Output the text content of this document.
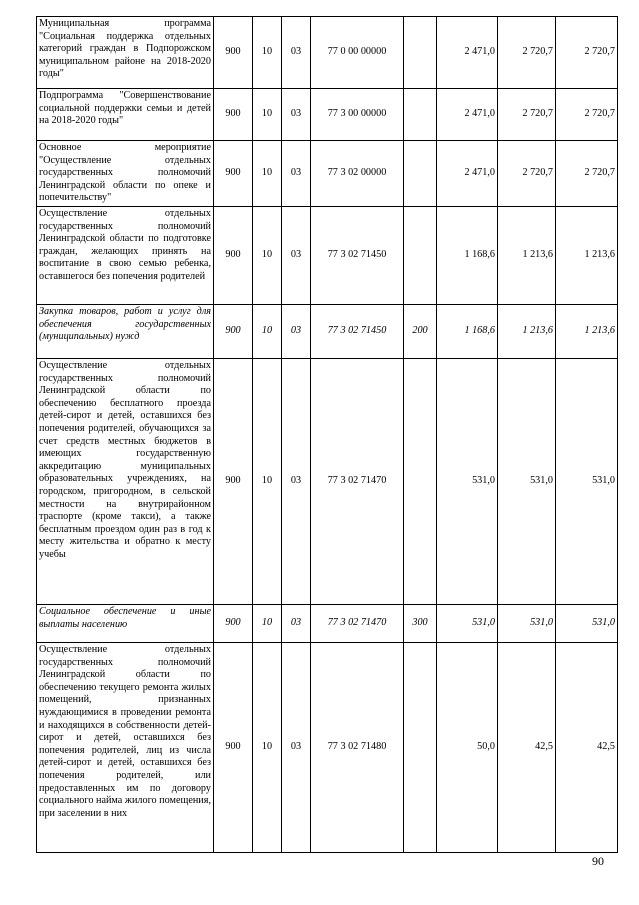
Муниципальная программа "Социальная поддержка отдельных категорий граждан в Подпорожском муниципальном районе на 2018-2020 годы"	900	10	03	77 0 00 00000		2 471,0	2 720,7	2 720,7
Подпрограмма "Совершенствование социальной поддержки семьи и детей на 2018-2020 годы"	900	10	03	77 3 00 00000		2 471,0	2 720,7	2 720,7
Основное мероприятие "Осуществление отдельных государственных полномочий Ленинградской области по опеке и попечительству"	900	10	03	77 3 02 00000		2 471,0	2 720,7	2 720,7
Осуществление отдельных государственных полномочий Ленинградской области по подготовке граждан, желающих принять на воспитание в свою семью ребенка, оставшегося без попечения родителей	900	10	03	77 3 02 71450		1 168,6	1 213,6	1 213,6
Закупка товаров, работ и услуг для обеспечения государственных (муниципальных) нужд	900	10	03	77 3 02 71450	200	1 168,6	1 213,6	1 213,6
Осуществление отдельных государственных полномочий Ленинградской области по обеспечению бесплатного проезда детей-сирот и детей, оставшихся без попечения родителей, обучающихся за счет средств местных бюджетов в имеющих государственную аккредитацию муниципальных образовательных учреждениях, на городском, пригородном, в сельской местности на внутрирайонном траспорте (кроме такси), а также бесплатным проездом один раз в год к месту жительства и обратно к месту учебы	900	10	03	77 3 02 71470		531,0	531,0	531,0
Социальное обеспечение и иные выплаты населению	900	10	03	77 3 02 71470	300	531,0	531,0	531,0
Осуществление отдельных государственных полномочий Ленинградской области по обеспечению текущего ремонта жилых помещений, признанных нуждающимися в проведении ремонта и находящихся в собственности детей-сирот и детей, оставшихся без попечения родителей, лиц из числа детей-сирот и детей, оставшихся без попечения родителей, или предоставленных им по договору социального найма жилого помещения, при заселении в них	900	10	03	77 3 02 71480		50,0	42,5	42,5
90
